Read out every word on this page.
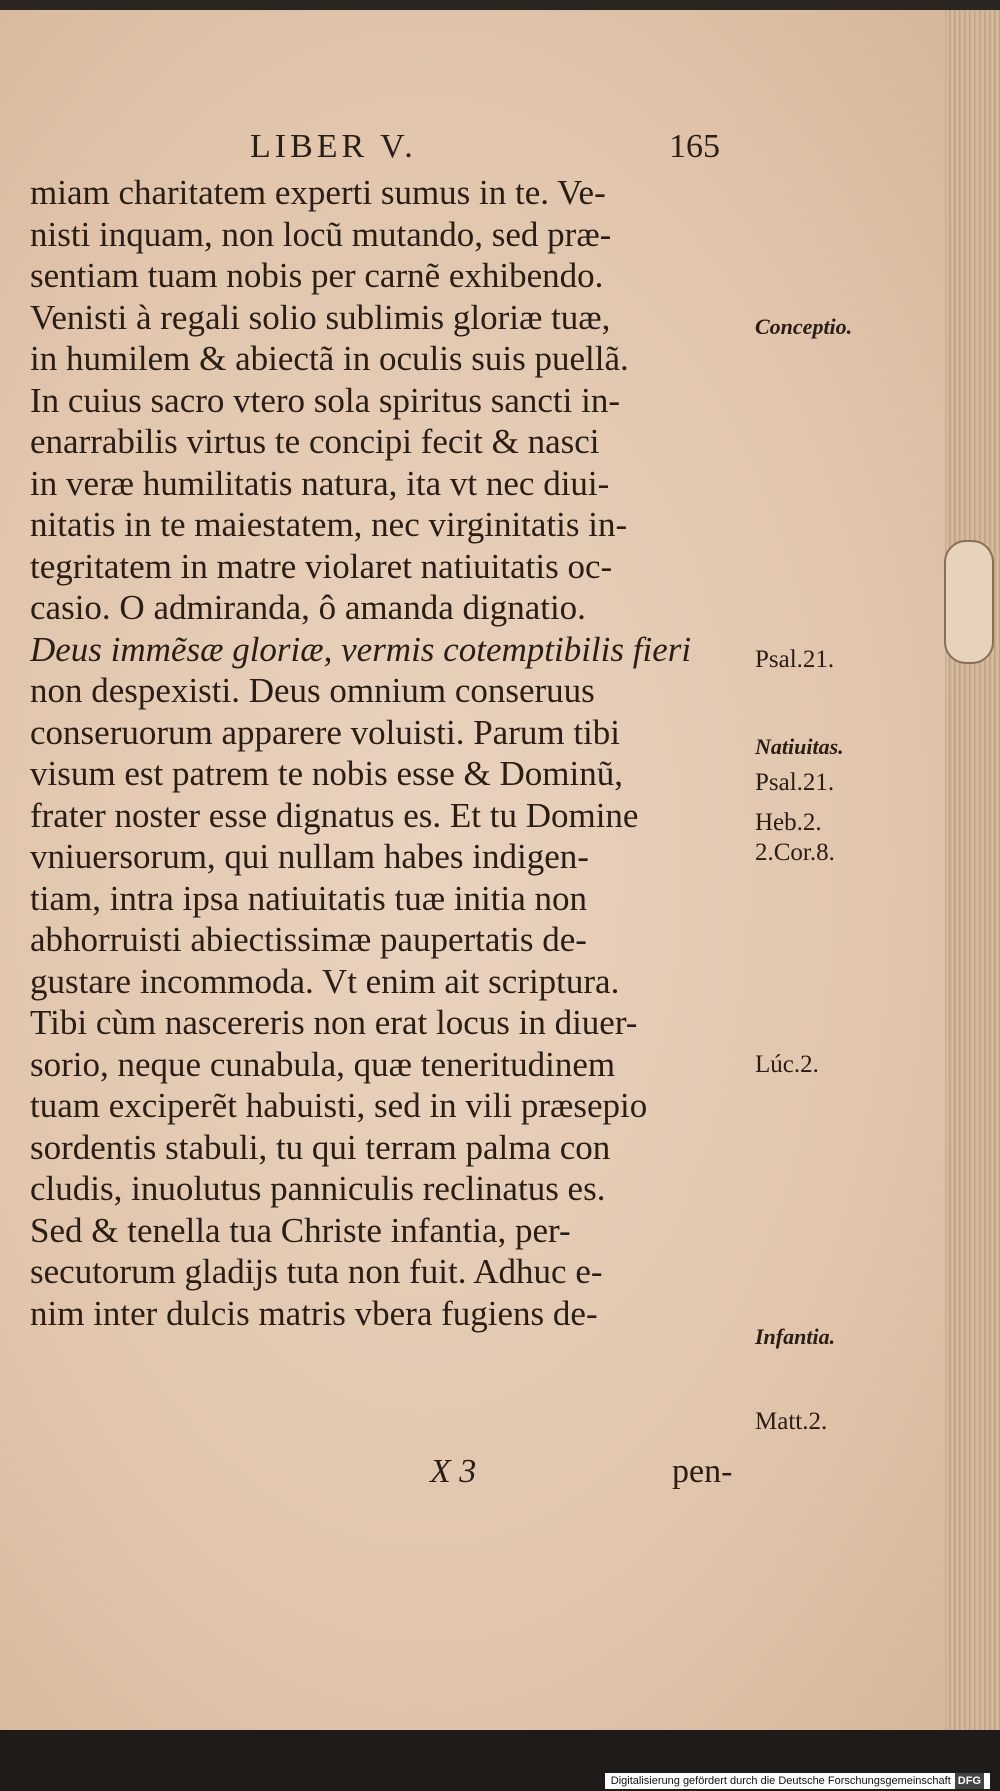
LIBER V.	165
miam charitatem experti sumus in te. Ve-
nisti inquam, non locũ mutando, sed præ-
sentiam tuam nobis per carnẽ exhibendo.
Venisti à regali solio sublimis gloriæ tuæ,
in humilem & abiectã in oculis suis puellã.
In cuius sacro vtero sola spiritus sancti in-
enarrabilis virtus te concipi fecit & nasci
in veræ humilitatis natura, ita vt nec diui-
nitatis in te maiestatem, nec virginitatis in-
tegritatem in matre violaret natiuitatis oc-
casio. O admiranda, ô amanda dignatio.
Deus immẽsæ gloriæ, vermis cotemptibilis fieri
non despexisti. Deus omnium conseruus
conseruorum apparere voluisti. Parum tibi
visum est patrem te nobis esse & Dominũ,
frater noster esse dignatus es. Et tu Domine
vniuersorum, qui nullam habes indigen-
tiam, intra ipsa natiuitatis tuæ initia non
abhorruisti abiectissimæ paupertatis de-
gustare incommoda. Vt enim ait scriptura.
Tibi cùm nascereris non erat locus in diuer-
sorio, neque cunabula, quæ teneritudinem
tuam exciperẽt habuisti, sed in vili præsepio
sordentis stabuli, tu qui terram palma con
cludis, inuolutus panniculis reclinatus es.
Sed & tenella tua Christe infantia, per-
secutorum gladijs tuta non fuit. Adhuc e-
nim inter dulcis matris vbera fugiens de-
Conceptio.
Psal.21.
Natiuitas.
Psal.21.
Heb.2.
2.Cor.8.
Lúc.2.
Infantia.
Matt.2.
X 3	pen-
Digitalisierung gefördert durch die Deutsche Forschungsgemeinschaft DFG
